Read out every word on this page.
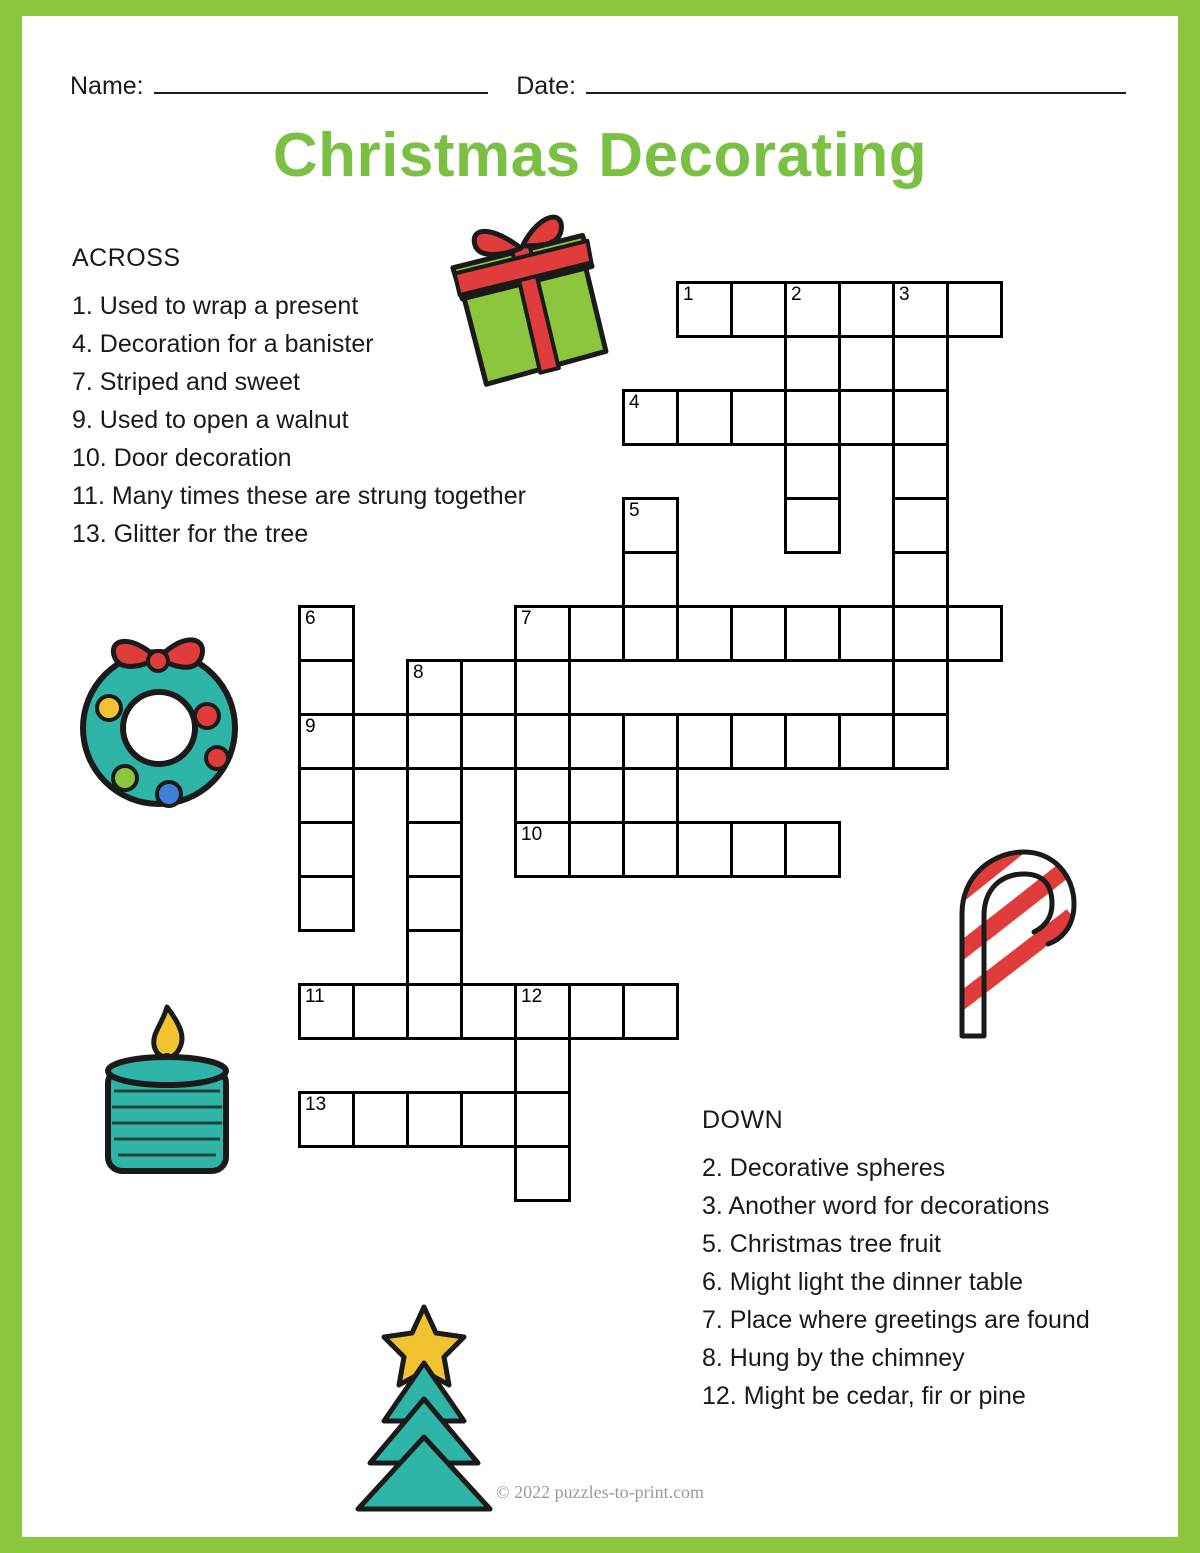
Name:	Date:
Christmas Decorating
ACROSS
1. Used to wrap a present
4. Decoration for a banister
7. Striped and sweet
9. Used to open a walnut
10. Door decoration
11. Many times these are strung together
13. Glitter for the tree
DOWN
2. Decorative spheres
3. Another word for decorations
5. Christmas tree fruit
6. Might light the dinner table
7. Place where greetings are found
8. Hung by the chimney
12. Might be cedar, fir or pine
1	2	3
4
5
6	7
8
9
10
11	12
13
© 2022 puzzles-to-print.com
